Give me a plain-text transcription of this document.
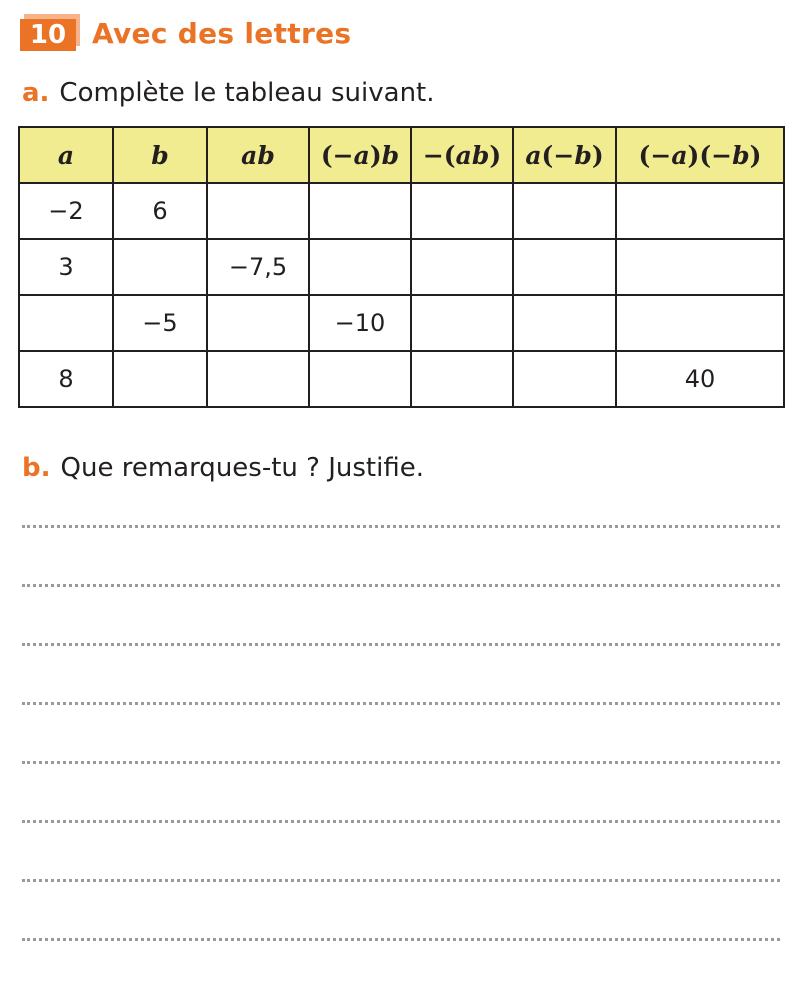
10 Avec des lettres
a. Complète le tableau suivant.
a	b	ab	(−a)b	−(ab)	a(−b)	(−a)(−b)
−2	6					
3		−7,5				
	−5		−10			
8						40
b. Que remarques-tu ? Justifie.
